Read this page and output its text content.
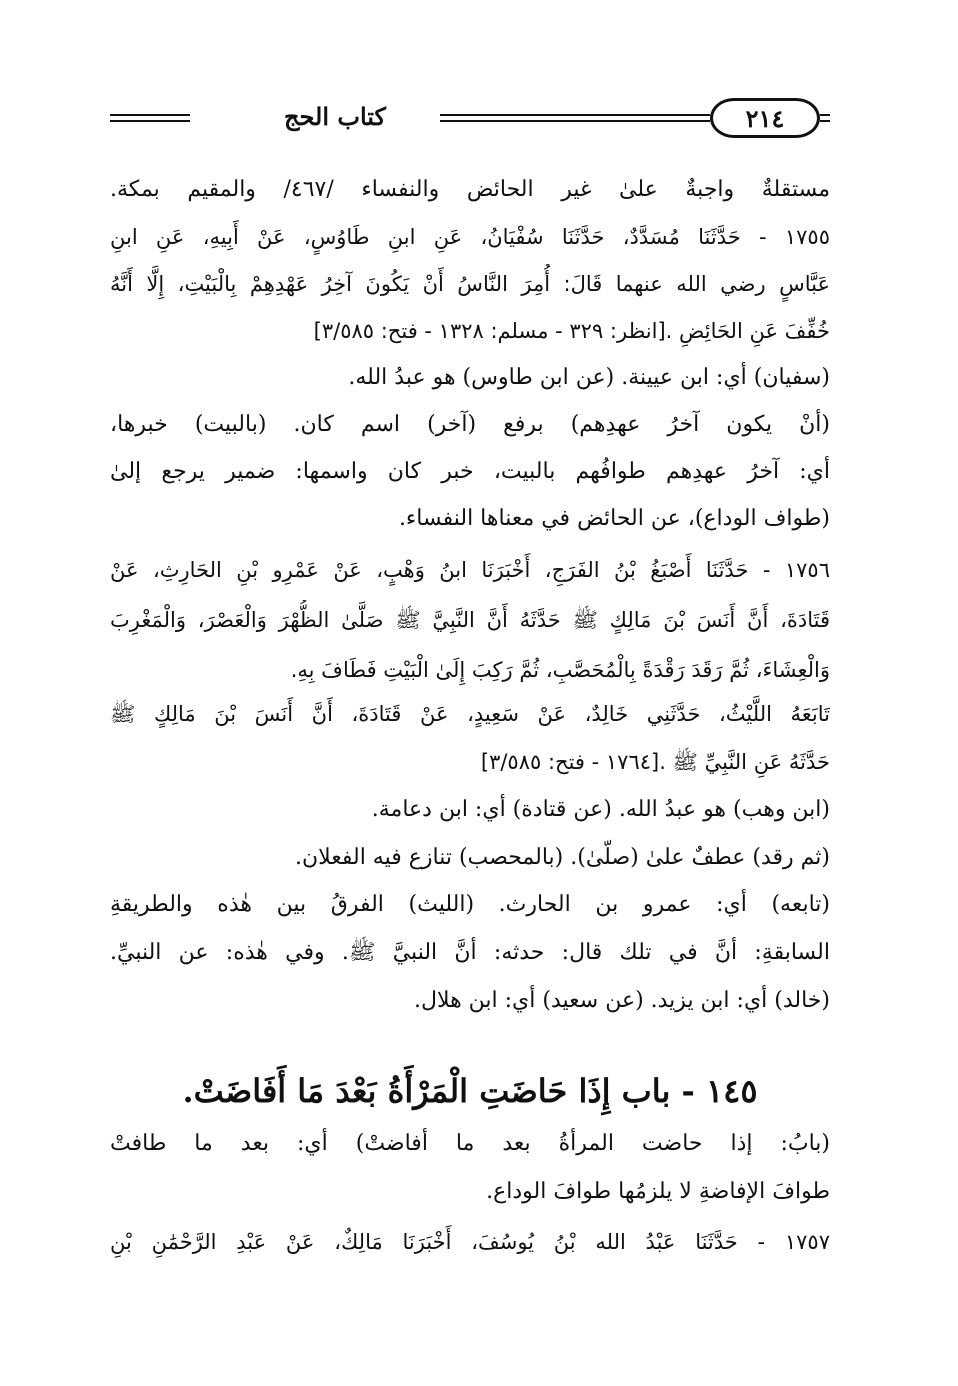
كتاب الحج	٢١٤
مستقلةٌ واجبةٌ علىٰ غير الحائض والنفساء /٤٦٧/ والمقيم بمكة.
١٧٥٥ - حَدَّثَنَا مُسَدَّدٌ، حَدَّثَنَا سُفْيَانُ، عَنِ ابنِ طَاوُسٍ، عَنْ أَبِيهِ، عَنِ ابنِ
عَبَّاسٍ رضي الله عنهما قَالَ: أُمِرَ النَّاسُ أَنْ يَكُونَ آخِرُ عَهْدِهِمْ بِالْبَيْتِ، إِلَّا أَنَّهُ
خُفِّفَ عَنِ الحَائِضِ .[انظر: ٣٢٩ - مسلم: ١٣٢٨ - فتح: ٣/٥٨٥]
(سفيان) أي: ابن عيينة. (عن ابن طاوس) هو عبدُ الله.
(أنْ يكون آخرُ عهدِهم) برفع (آخر) اسم كان. (بالبيت) خبرها،
أي: آخرُ عهدِهم طوافُهم بالبيت، خبر كان واسمها: ضمير يرجع إلىٰ
(طواف الوداع)، عن الحائض في معناها النفساء.
١٧٥٦ - حَدَّثَنَا أَصْبَغُ بْنُ الفَرَجِ، أَخْبَرَنَا ابنُ وَهْبٍ، عَنْ عَمْرِو بْنِ الحَارِثِ، عَنْ
قَتَادَةَ، أَنَّ أَنَسَ بْنَ مَالِكٍ ﷺ حَدَّثَهُ أَنَّ النَّبِيَّ ﷺ صَلَّىٰ الظُّهْرَ وَالْعَصْرَ، وَالْمَغْرِبَ
وَالْعِشَاءَ، ثُمَّ رَقَدَ رَقْدَةً بِالْمُحَصَّبِ، ثُمَّ رَكِبَ إِلَىٰ الْبَيْتِ فَطَافَ بِهِ.
تَابَعَهُ اللَّيْثُ، حَدَّثَنِي خَالِدٌ، عَنْ سَعِيدٍ، عَنْ قَتَادَةَ، أَنَّ أَنَسَ بْنَ مَالِكٍ ﷺ
حَدَّثَهُ عَنِ النَّبِيِّ ﷺ .[١٧٦٤ - فتح: ٣/٥٨٥]
(ابن وهب) هو عبدُ الله. (عن قتادة) أي: ابن دعامة.
(ثم رقد) عطفٌ علىٰ (صلّىٰ). (بالمحصب) تنازع فيه الفعلان.
(تابعه) أي: عمرو بن الحارث. (الليث) الفرقُ بين هٰذه والطريقةِ
السابقةِ: أنَّ في تلك قال: حدثه: أنَّ النبيَّ ﷺ. وفي هٰذه: عن النبيِّ.
(خالد) أي: ابن يزيد. (عن سعيد) أي: ابن هلال.
١٤٥ - باب إِذَا حَاضَتِ الْمَرْأَةُ بَعْدَ مَا أَفَاضَتْ.
(بابُ: إذا حاضت المرأةُ بعد ما أفاضتْ) أي: بعد ما طافتْ
طوافَ الإفاضةِ لا يلزمُها طوافَ الوداع.
١٧٥٧ - حَدَّثَنَا عَبْدُ الله بْنُ يُوسُفَ، أَخْبَرَنَا مَالِكٌ، عَنْ عَبْدِ الرَّحْمَٰنِ بْنِ
